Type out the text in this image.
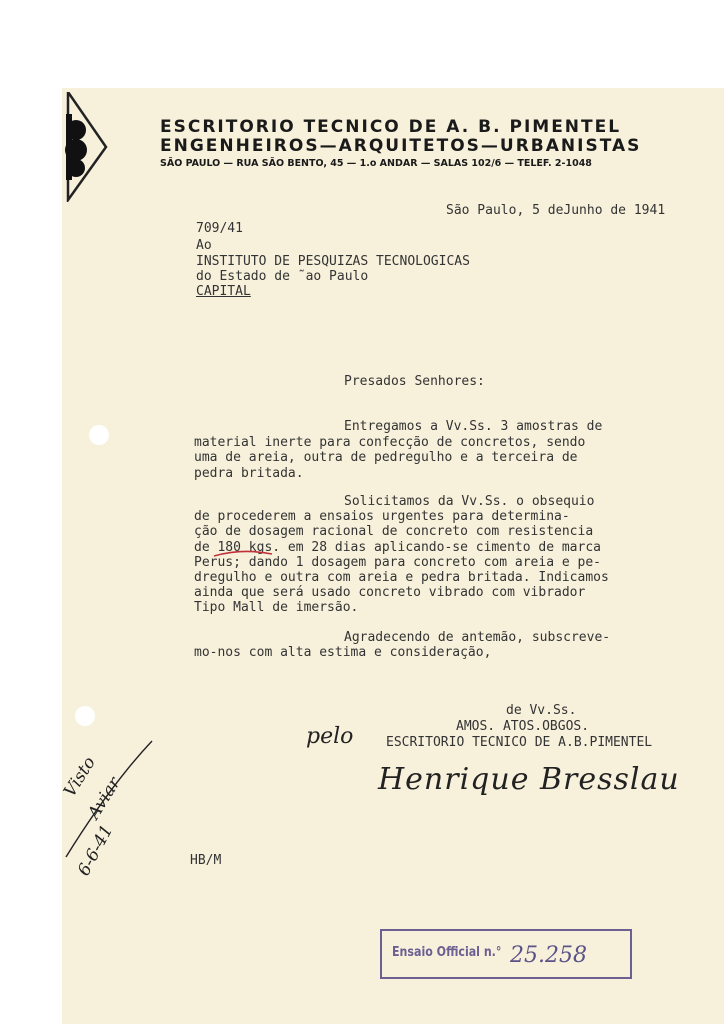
ESCRITORIO TECNICO DE A. B. PIMENTEL
ENGENHEIROS—ARQUITETOS—URBANISTAS
SÃO PAULO — RUA SÃO BENTO, 45 — 1.o ANDAR — SALAS 102/6 — TELEF. 2-1048
São Paulo, 5 deJunho de 1941
709/41
Ao
INSTITUTO DE PESQUIZAS TECNOLOGICAS
do Estado de ˜ao Paulo
CAPITAL
Presados Senhores:
Entregamos a Vv.Ss. 3 amostras de
material inerte para confecção de concretos, sendo
uma de areia, outra de pedregulho e a terceira de
pedra britada.
Solicitamos da Vv.Ss. o obsequio
de procederem a ensaios urgentes para determina-
ção de dosagem racional de concreto com resistencia
de 180 kgs. em 28 dias aplicando-se cimento de marca
Perus; dando 1 dosagem para concreto com areia e pe-
dregulho e outra com areia e pedra britada. Indicamos
ainda que será usado concreto vibrado com vibrador
Tipo Mall de imersão.
Agradecendo de antemão, subscreve-
mo-nos com alta estima e consideração,
de Vv.Ss.
AMOS. ATOS.OBGOS.
ESCRITORIO TECNICO DE A.B.PIMENTEL
pelo
Henrique Bresslau
Visto
Aviar
6-6-41	HB/M
Ensaio Official n.° 25.258
